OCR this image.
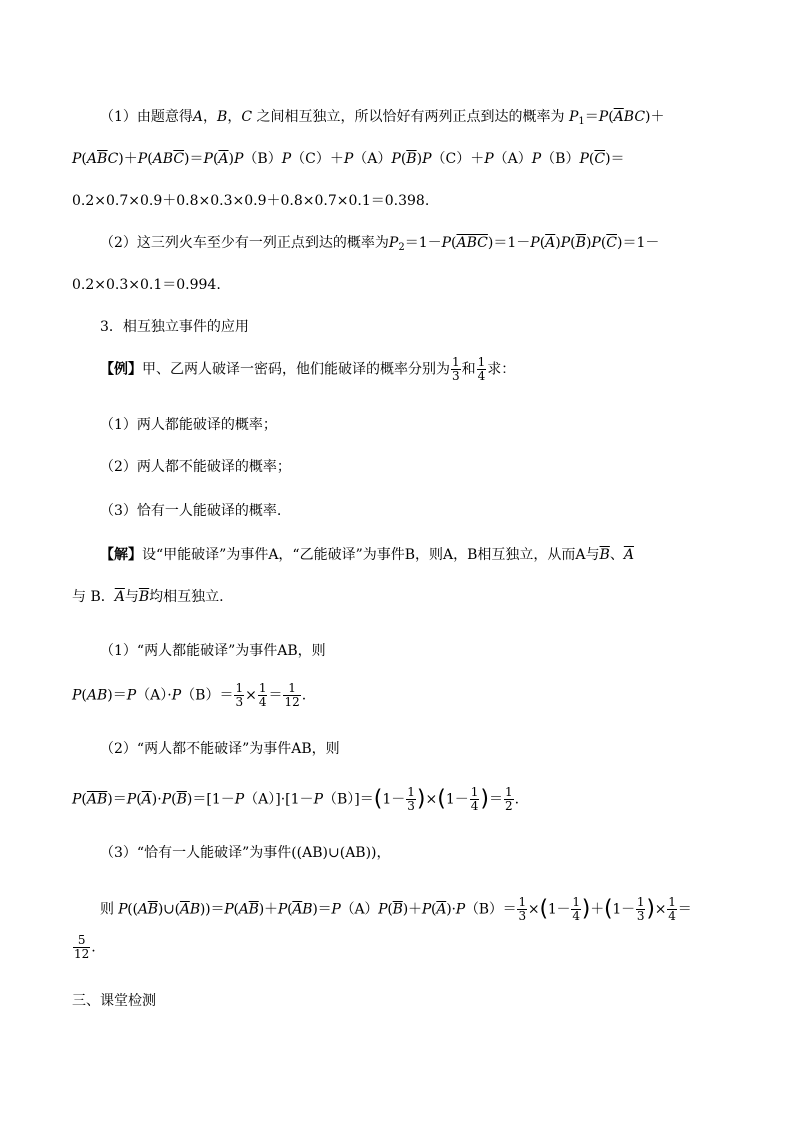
（1）由题意得A，B，C 之间相互独立，所以恰好有两列正点到达的概率为 $P_1=P(\overline{A}BC)+$
$P(A\overline{B}C)+P(AB\overline{C})=P(\overline{A})P(B)P(C)+P(A)P(\overline{B})P(C)+P(A)P(B)P(\overline{C})=$
0.2×0.7×0.9＋0.8×0.3×0.9＋0.8×0.7×0.1＝0.398.
（2）这三列火车至少有一列正点到达的概率为$P_2=1-P(\overline{ABC})=1-P(\overline{A})P(\overline{B})P(\overline{C})=1-$
0.2×0.3×0.1＝0.994.
3．相互独立事件的应用
【例】甲、乙两人破译一密码，他们能破译的概率分别为 $\frac{1}{3}$ 和 $\frac{1}{4}$ 求：
（1）两人都能破译的概率；
（2）两人都不能破译的概率；
（3）恰有一人能破译的概率.
【解】设“甲能破译”为事件A，“乙能破译”为事件B，则A，B相互独立，从而A与$\overline{B}$、$\overline{A}$
与 B．$\overline{A}$与$\overline{B}$均相互独立.
（1）“两人都能破译”为事件AB，则
$P(AB)=P(A)\cdot P(B)= \frac{1}{3} \times \frac{1}{4} = \frac{1}{12}$ .
（2）“两人都不能破译”为事件AB，则
$P(\overline{AB})=P(\overline{A})\cdot P(\overline{B})=[1-P(A)]\cdot[1-P(B)]=(1- \frac{1}{3} )\times(1- \frac{1}{4}$ )＝ $\frac{1}{2}$ .
（3）“恰有一人能破译”为事件((AB)∪(AB))，
则 $P((A\overline{B})\cup(\overline{A}B))=P(A\overline{B})+P(\overline{A}B)=P(A)P(\overline{B})+P(\overline{A})\cdot P(B)= \frac{1}{3} \times(1- \frac{1}{4} )+(1- \frac{1}{3}$ )× $\frac{1}{4}$ ＝
$\frac{5}{12}$ .
三、课堂检测
